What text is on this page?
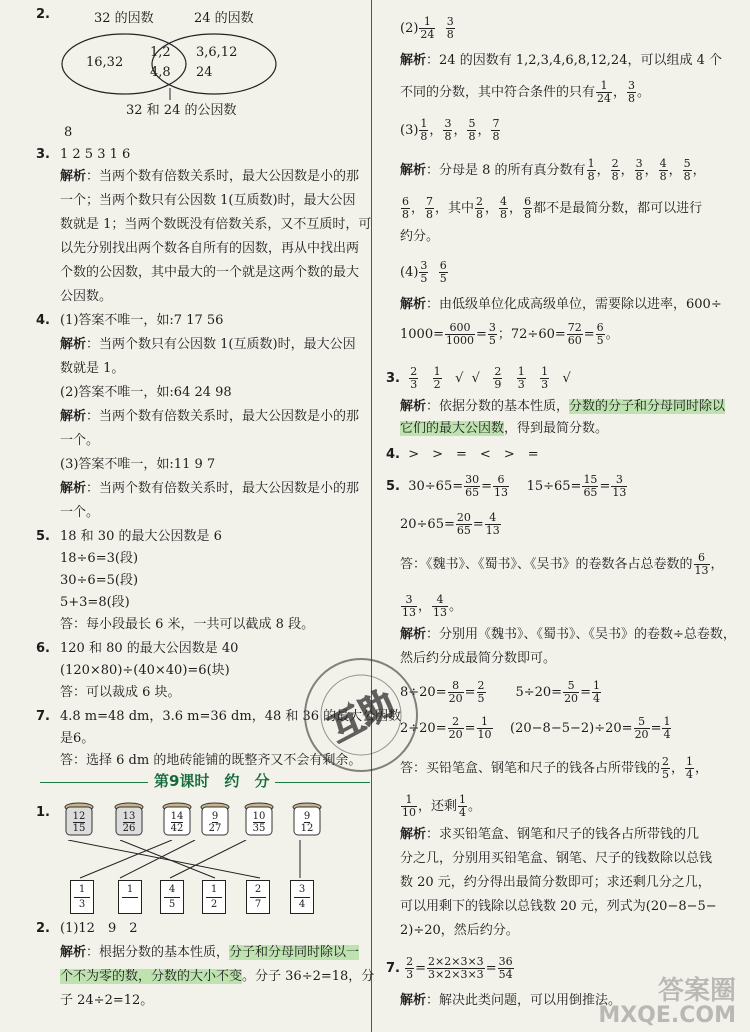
2.	32 的因数	24 的因数
16,32
1,2
4,8
3,6,12
24
32 和 24 的公因数
8
3. 1 2 5 3 1 6
解析：当两个数有倍数关系时，最大公因数是小的那
一个；当两个数只有公因数 1(互质数)时，最大公因
数就是 1；当两个数既没有倍数关系，又不互质时，可
以先分别找出两个数各自所有的因数，再从中找出两
个数的公因数，其中最大的一个就是这两个数的最大
公因数。
4. (1)答案不唯一，如:7 17 56
解析：当两个数只有公因数 1(互质数)时，最大公因
数就是 1。
(2)答案不唯一，如:64 24 98
解析：当两个数有倍数关系时，最大公因数是小的那
一个。
(3)答案不唯一，如:11 9 7
解析：当两个数有倍数关系时，最大公因数是小的那
一个。
5. 18 和 30 的最大公因数是 6
18÷6=3(段)
30÷6=5(段)
5+3=8(段)
答：每小段最长 6 米，一共可以截成 8 段。
6. 120 和 80 的最大公因数是 40
(120×80)÷(40×40)=6(块)
答：可以裁成 6 块。
7. 4.8 m=48 dm，3.6 m=36 dm，48 和 36 的最大公因数
是6。
答：选择 6 dm 的地砖能铺的既整齐又不会有剩余。
第9课时　约　分
1.	12
15
13
26
14
42
9
27
10
35
9
12
1
3
1	4
5
1
2
2
7
3
4
2. (1)12　9　2
解析：根据分数的基本性质，分子和分母同时除以一
个不为零的数，分数的大小不变。分子 36÷2=18，分
子 24÷2=12。
$(2) \frac{1}{24}$
$\frac{3}{8}$
解析：24 的因数有 1,2,3,4,6,8,12,24，可以组成 4 个
不同的分数，其中符合条件的只有 $\frac{1}{24}$ ， $\frac{3}{8}$ 。
$(3) \frac{1}{8}$ ， $\frac{3}{8}$ ， $\frac{5}{8}$ ， $\frac{7}{8}$
解析：分母是 8 的所有真分数有 $\frac{1}{8}$ ， $\frac{2}{8}$ ， $\frac{3}{8}$ ， $\frac{4}{8}$ ， $\frac{5}{8}$ ，
$\frac{6}{8}$ ， $\frac{7}{8}$ ，其中 $\frac{2}{8}$ ， $\frac{4}{8}$ ， $\frac{6}{8}$ 都不是最简分数，都可以进行
约分。
$(4) \frac{3}{5}$
$\frac{6}{5}$
解析：由低级单位化成高级单位，需要除以进率，600÷
$1000= \frac{600}{1000} = \frac{3}{5}$ ；$72\div 60= \frac{72}{60} = \frac{6}{5}$ 。
3. $\frac{2}{3}$
$\frac{1}{2}$ √ √ $\frac{2}{9}$
$\frac{1}{3}$
$\frac{1}{3}$ √
解析：依据分数的基本性质，分数的分子和分母同时除以
它们的最大公因数，得到最简分数。
4. >　>　=　<　>　=
5. $30\div 65= \frac{30}{65} = \frac{6}{13} 15\div 65= \frac{15}{65} = \frac{3}{13}$
$20\div 65= \frac{20}{65} = \frac{4}{13}$
答：《魏书》、《蜀书》、《吴书》的卷数各占总卷数的 $\frac{6}{13}$ ，
$\frac{3}{13}$ ， $\frac{4}{13}$ 。
解析：分别用《魏书》、《蜀书》、《吴书》的卷数÷总卷数，
然后约分成最简分数即可。
$8\div 20= \frac{8}{20} = \frac{2}{5} 5\div 20= \frac{5}{20} = \frac{1}{4}$
$2\div 20= \frac{2}{20} = \frac{1}{10} (20-8-5-2)\div 20= \frac{5}{20} = \frac{1}{4}$
答：买铅笔盒、钢笔和尺子的钱各占所带钱的 $\frac{2}{5}$ ， $\frac{1}{4}$ ，
$\frac{1}{10}$ ，还剩 $\frac{1}{4}$ 。
解析：求买铅笔盒、钢笔和尺子的钱各占所带钱的几
分之几，分别用买铅笔盒、钢笔、尺子的钱数除以总钱
数 20 元，约分得出最简分数即可；求还剩几分之几，
可以用剩下的钱除以总钱数 20 元，列式为(20−8−5−
2)÷20，然后约分。
7. $\frac{2}{3} = \frac{2\times 2\times 3\times 3}{3\times 2\times 3\times 3} = \frac{36}{54}$
解析：解决此类问题，可以用倒推法。
互助
答案圈
MXQE.COM
